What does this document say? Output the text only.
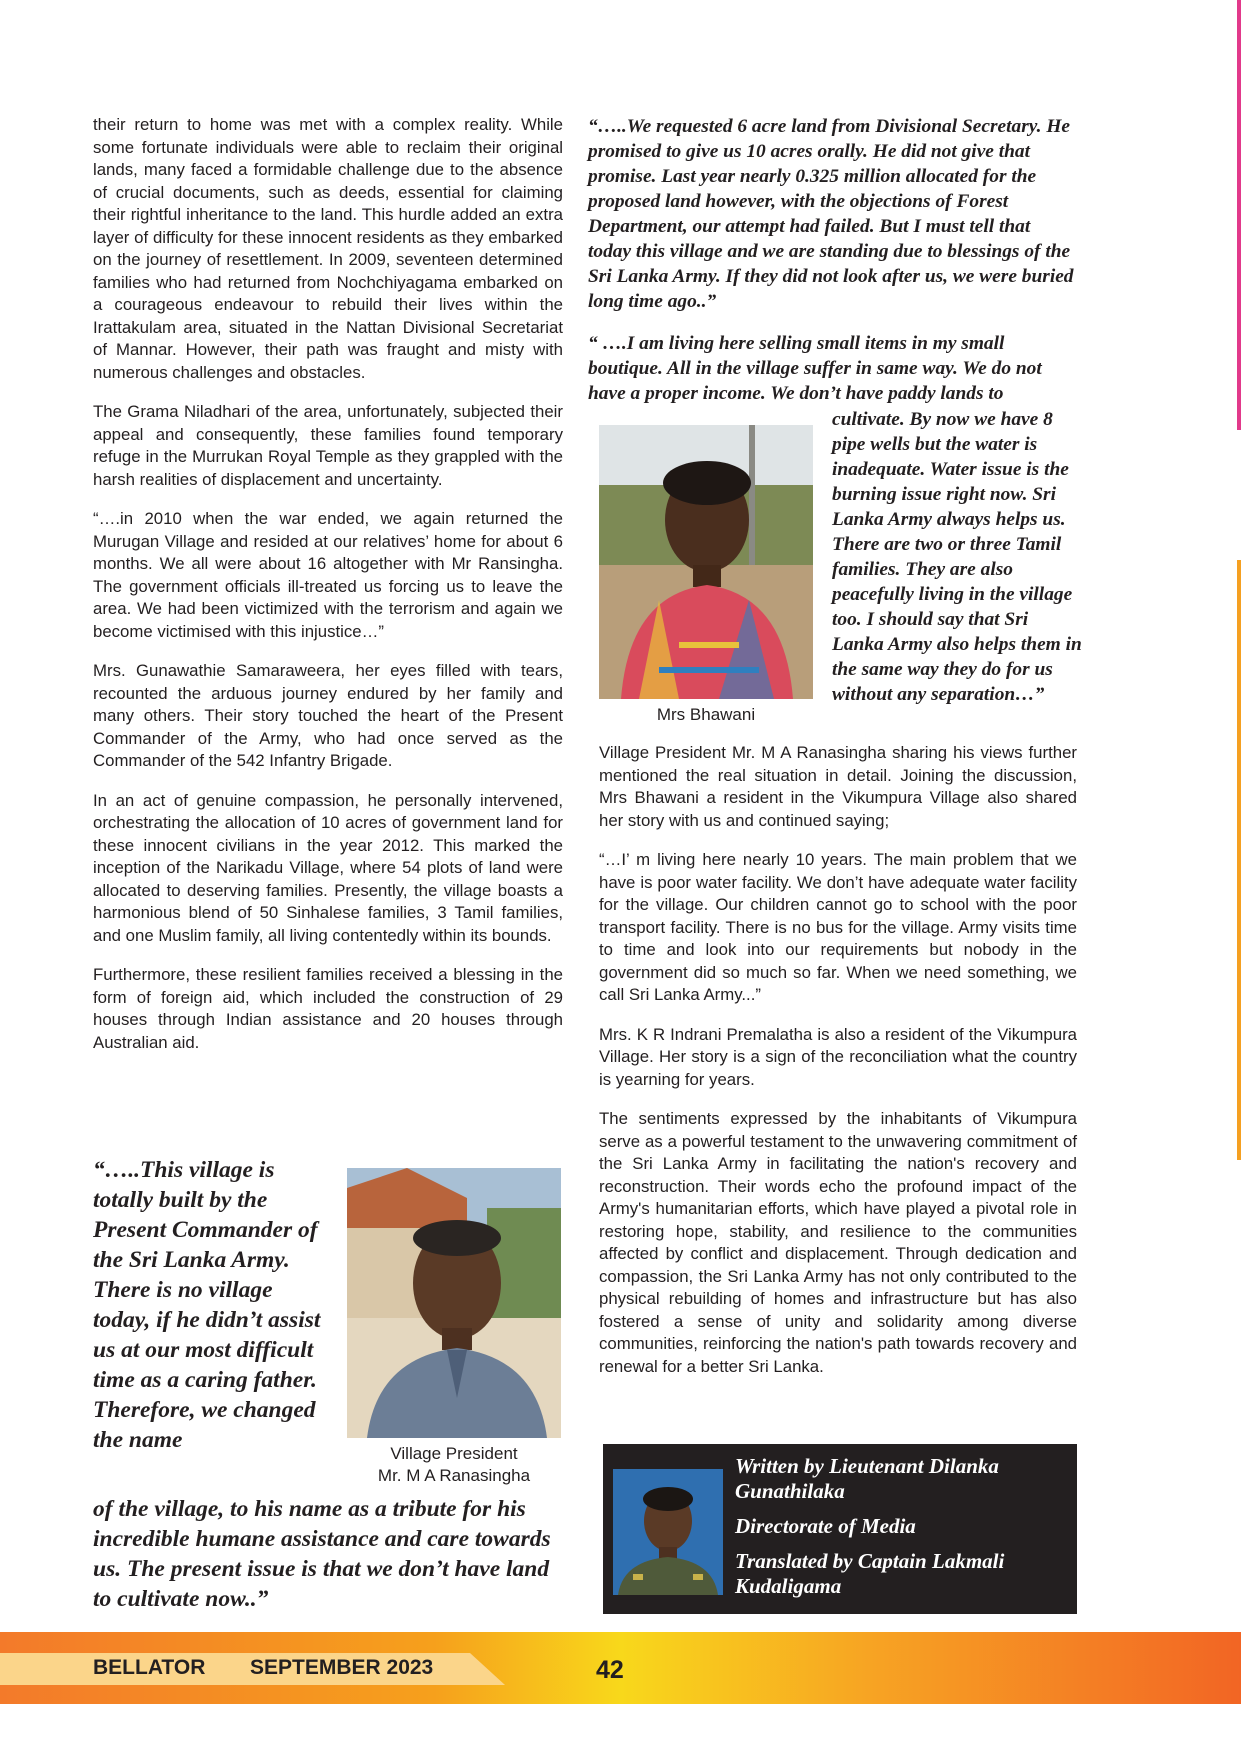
their return to home was met with a complex reality. While some fortunate individuals were able to reclaim their original lands, many faced a formidable challenge due to the absence of crucial documents, such as deeds, essential for claiming their rightful inheritance to the land. This hurdle added an extra layer of difficulty for these innocent residents as they embarked on the journey of resettlement. In 2009, seventeen determined families who had returned from Nochchiyagama embarked on a courageous endeavour to rebuild their lives within the Irattakulam area, situated in the Nattan Divisional Secretariat of Mannar. However, their path was fraught and misty with numerous challenges and obstacles.

The Grama Niladhari of the area, unfortunately, subjected their appeal and consequently, these families found temporary refuge in the Murrukan Royal Temple as they grappled with the harsh realities of displacement and uncertainty.

“….in 2010 when the war ended, we again returned the Murugan Village and resided at our relatives’ home for about 6 months. We all were about 16 altogether with Mr Ransingha. The government officials ill-treated us forcing us to leave the area. We had been victimized with the terrorism and again we become victimised with this injustice…”

Mrs. Gunawathie Samaraweera, her eyes filled with tears, recounted the arduous journey endured by her family and many others. Their story touched the heart of the Present Commander of the Army, who had once served as the Commander of the 542 Infantry Brigade.

In an act of genuine compassion, he personally intervened, orchestrating the allocation of 10 acres of government land for these innocent civilians in the year 2012. This marked the inception of the Narikadu Village, where 54 plots of land were allocated to deserving families. Presently, the village boasts a harmonious blend of 50 Sinhalese families, 3 Tamil families, and one Muslim family, all living contentedly within its bounds.

Furthermore, these resilient families received a blessing in the form of foreign aid, which included the construction of 29 houses through Indian assistance and 20 houses through Australian aid.

“…..This village is totally built by the Present Commander of the Sri Lanka Army. There is no village today, if he didn’t assist us at our most difficult time as a caring father. Therefore, we changed the name
Village President
Mr. M A Ranasingha
of the village, to his name as a tribute for his incredible humane assistance and care towards us. The present issue is that we don’t have land to cultivate now..”
“…..We requested 6 acre land from Divisional Secretary. He promised to give us 10 acres orally. He did not give that promise. Last year nearly 0.325 million allocated for the proposed land however, with the objections of Forest Department, our attempt had failed. But I must tell that today this village and we are standing due to blessings of the Sri Lanka Army. If they did not look after us, we were buried long time ago..”
“ ….I am living here selling small items in my small boutique. All in the village suffer in same way. We do not have a proper income. We don’t have paddy lands to
Mrs Bhawani
cultivate. By now we have 8 pipe wells but the water is inadequate. Water issue is the burning issue right now. Sri Lanka Army always helps us. There are two or three Tamil families. They are also peacefully living in the village too. I should say that Sri Lanka Army also helps them in the same way they do for us without any separation…”

Village President Mr. M A Ranasingha sharing his views further mentioned the real situation in detail. Joining the discussion, Mrs Bhawani a resident in the Vikumpura Village also shared her story with us and continued saying;

“…I’ m living here nearly 10 years. The main problem that we have is poor water facility. We don’t have adequate water facility for the village. Our children cannot go to school with the poor transport facility. There is no bus for the village. Army visits time to time and look into our requirements but nobody in the government did so much so far. When we need something, we call Sri Lanka Army...”

Mrs. K R Indrani Premalatha is also a resident of the Vikumpura Village. Her story is a sign of the reconciliation what the country is yearning for years.

The sentiments expressed by the inhabitants of Vikumpura serve as a powerful testament to the unwavering commitment of the Sri Lanka Army in facilitating the nation's recovery and reconstruction. Their words echo the profound impact of the Army's humanitarian efforts, which have played a pivotal role in restoring hope, stability, and resilience to the communities affected by conflict and displacement. Through dedication and compassion, the Sri Lanka Army has not only contributed to the physical rebuilding of homes and infrastructure but has also fostered a sense of unity and solidarity among diverse communities, reinforcing the nation's path towards recovery and renewal for a better Sri Lanka.

Written by Lieutenant Dilanka Gunathilaka
Directorate of Media
Translated by Captain Lakmali Kudaligama
BELLATOR SEPTEMBER 2023	42
